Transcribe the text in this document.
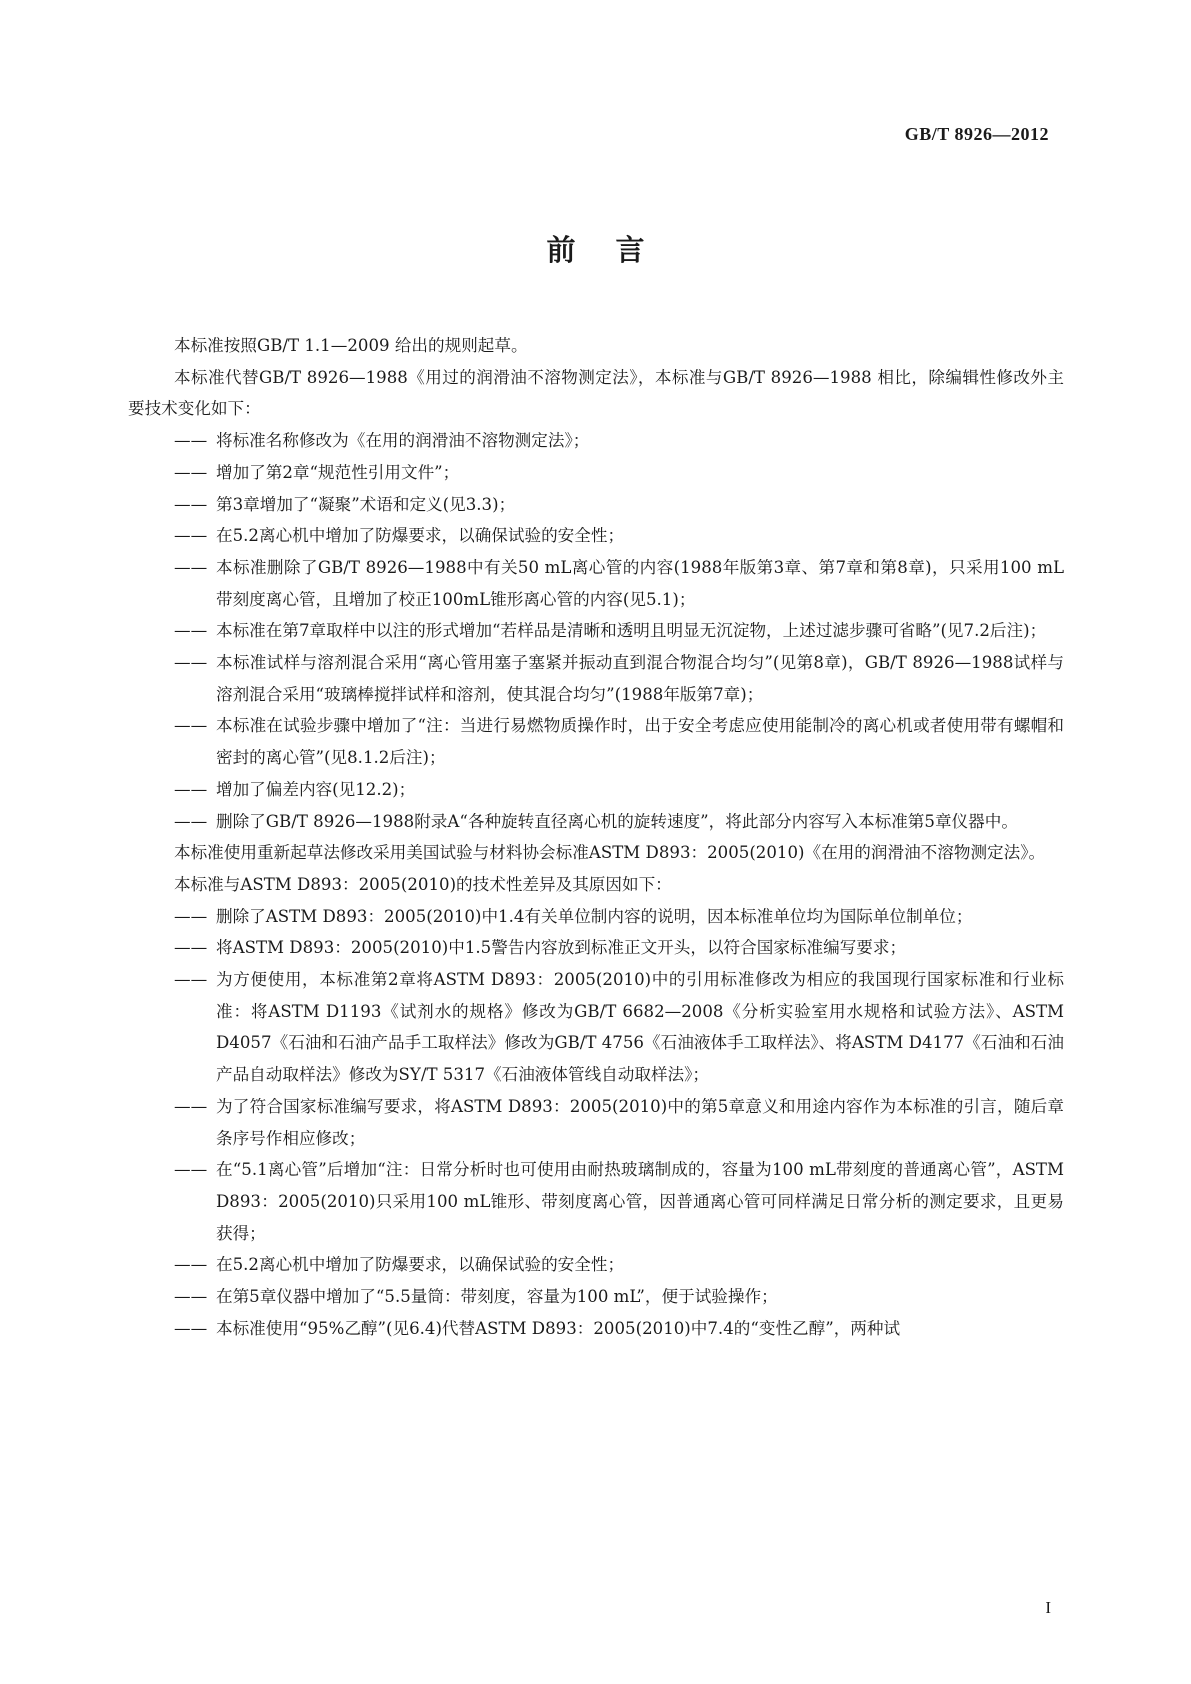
GB/T 8926—2012
前言

本标准按照GB/T 1.1—2009 给出的规则起草。

本标准代替GB/T 8926—1988《用过的润滑油不溶物测定法》，本标准与GB/T 8926—1988 相比，除编辑性修改外主要技术变化如下：

—— 将标准名称修改为《在用的润滑油不溶物测定法》；

—— 增加了第2章“规范性引用文件”；

—— 第3章增加了“凝聚”术语和定义(见3.3)；

—— 在5.2离心机中增加了防爆要求，以确保试验的安全性；

—— 本标准删除了GB/T 8926—1988中有关50 mL离心管的内容(1988年版第3章、第7章和第8章)，只采用100 mL带刻度离心管，且增加了校正100mL锥形离心管的内容(见5.1)；

—— 本标准在第7章取样中以注的形式增加“若样品是清晰和透明且明显无沉淀物，上述过滤步骤可省略”(见7.2后注)；

—— 本标准试样与溶剂混合采用“离心管用塞子塞紧并振动直到混合物混合均匀”(见第8章)，GB/T 8926—1988试样与溶剂混合采用“玻璃棒搅拌试样和溶剂，使其混合均匀”(1988年版第7章)；

—— 本标准在试验步骤中增加了“注：当进行易燃物质操作时，出于安全考虑应使用能制冷的离心机或者使用带有螺帽和密封的离心管”(见8.1.2后注)；

—— 增加了偏差内容(见12.2)；

—— 删除了GB/T 8926—1988附录A“各种旋转直径离心机的旋转速度”，将此部分内容写入本标准第5章仪器中。

本标准使用重新起草法修改采用美国试验与材料协会标准ASTM D893：2005(2010)《在用的润滑油不溶物测定法》。

本标准与ASTM D893：2005(2010)的技术性差异及其原因如下：

—— 删除了ASTM D893：2005(2010)中1.4有关单位制内容的说明，因本标准单位均为国际单位制单位；

—— 将ASTM D893：2005(2010)中1.5警告内容放到标准正文开头，以符合国家标准编写要求；

—— 为方便使用，本标准第2章将ASTM D893：2005(2010)中的引用标准修改为相应的我国现行国家标准和行业标准：将ASTM D1193《试剂水的规格》修改为GB/T 6682—2008《分析实验室用水规格和试验方法》、ASTM D4057《石油和石油产品手工取样法》修改为GB/T 4756《石油液体手工取样法》、将ASTM D4177《石油和石油产品自动取样法》修改为SY/T 5317《石油液体管线自动取样法》；

—— 为了符合国家标准编写要求，将ASTM D893：2005(2010)中的第5章意义和用途内容作为本标准的引言，随后章条序号作相应修改；

—— 在“5.1离心管”后增加“注：日常分析时也可使用由耐热玻璃制成的，容量为100 mL带刻度的普通离心管”，ASTM D893：2005(2010)只采用100 mL锥形、带刻度离心管，因普通离心管可同样满足日常分析的测定要求，且更易获得；

—— 在5.2离心机中增加了防爆要求，以确保试验的安全性；

—— 在第5章仪器中增加了“5.5量筒：带刻度，容量为100 mL”，便于试验操作；

—— 本标准使用“95%乙醇”(见6.4)代替ASTM D893：2005(2010)中7.4的“变性乙醇”，两种试

I
